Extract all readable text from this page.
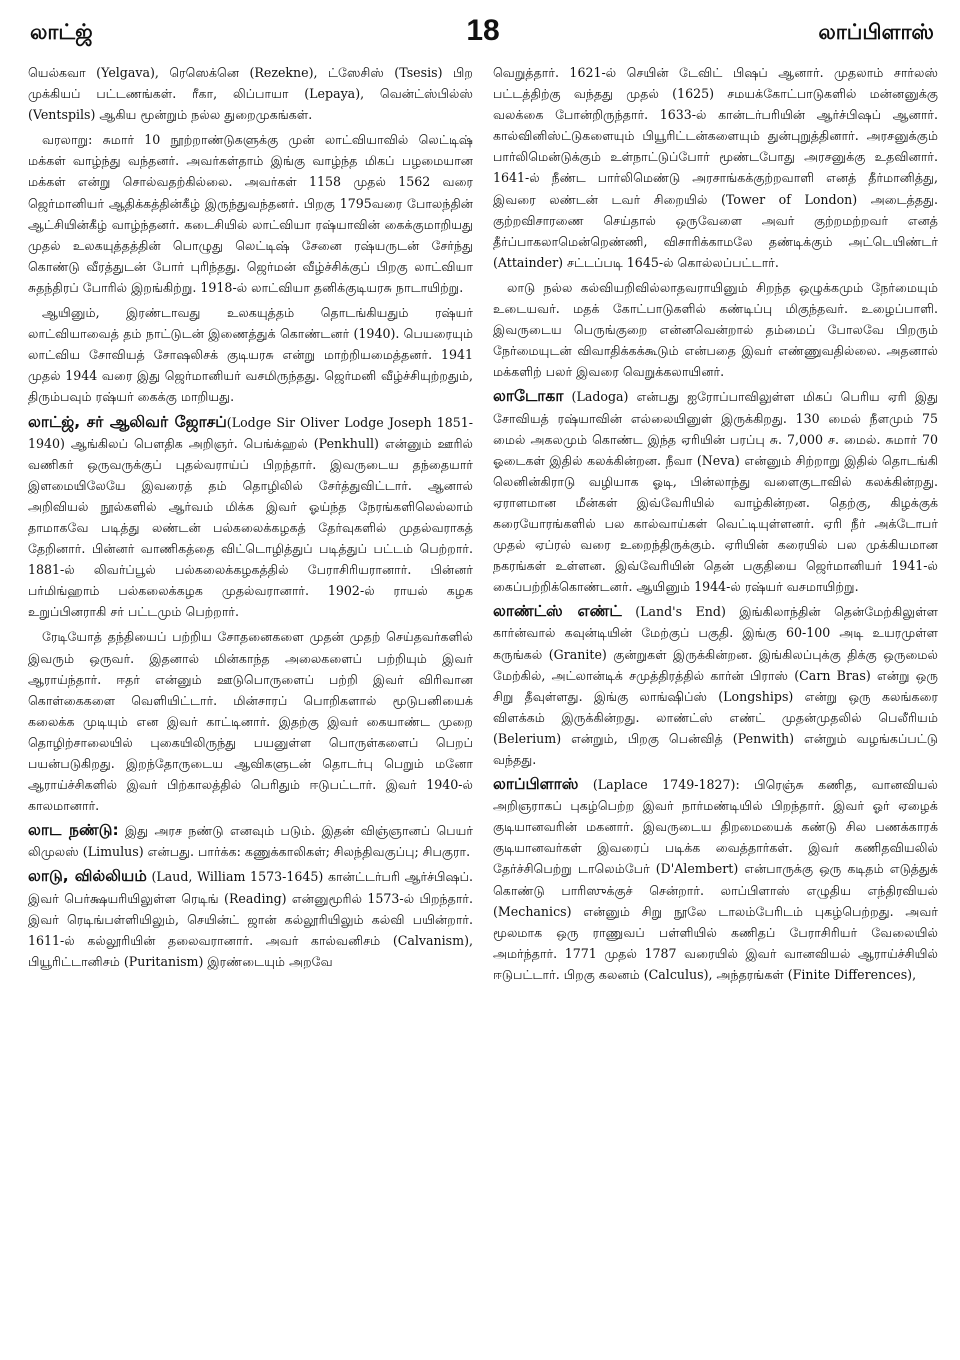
லாட்ஜ்	18	லாப்பிளாஸ்

யெல்கவா (Yelgava), ரெஸெக்னெ (Rezekne), ட்ஸேசிஸ் (Tsesis) பிற முக்கியப் பட்டணங்கள். ரீகா, லிப்பாயா (Lepaya), வென்ட்ஸ்பில்ஸ் (Ventspils) ஆகிய மூன்றும் நல்ல துறைமுகங்கள்.

வரலாறு: சுமார் 10 நூற்றாண்டுகளுக்கு முன் லாட்வியாவில் லெட்டிஷ் மக்கள் வாழ்ந்து வந்தனர். அவர்கள்தாம் இங்கு வாழ்ந்த மிகப் பழமையான மக்கள் என்று சொல்வதற்கில்லை. அவர்கள் 1158 முதல் 1562 வரை ஜெர்மானியர் ஆதிக்கத்தின்கீழ் இருந்துவந்தனர். பிறகு 1795வரை போலந்தின் ஆட்சியின்கீழ் வாழ்ந்தனர். கடைசியில் லாட்வியா ரஷ்யாவின் கைக்குமாறியது முதல் உலகயுத்தத்தின் பொழுது லெட்டிஷ் சேனை ரஷ்யருடன் சேர்ந்து கொண்டு வீரத்துடன் போர் புரிந்தது. ஜெர்மன் வீழ்ச்சிக்குப் பிறகு லாட்வியா சுதந்திரப் போரில் இறங்கிற்று. 1918-ல் லாட்வியா தனிக்குடியரசு நாடாயிற்று.

ஆயினும், இரண்டாவது உலகயுத்தம் தொடங்கியதும் ரஷ்யர் லாட்வியாவைத் தம் நாட்டுடன் இணைத்துக் கொண்டனர் (1940). பெயரையும் லாட்விய சோவியத் சோஷலிசக் குடியரசு என்று மாற்றியமைத்தனர். 1941 முதல் 1944 வரை இது ஜெர்மானியர் வசமிருந்தது. ஜெர்மனி வீழ்ச்சியுற்றதும், திரும்பவும் ரஷ்யர் கைக்கு மாறியது.

லாட்ஜ், சர் ஆலிவர் ஜோசப்(Lodge Sir Oliver Lodge Joseph 1851-1940) ஆங்கிலப் பௌதிக அறிஞர். பெங்க்ஹல் (Penkhull) என்னும் ஊரில் வணிகர் ஒருவருக்குப் புதல்வராய்ப் பிறந்தார். இவருடைய தந்தையார் இளமையிலேயே இவரைத் தம் தொழிலில் சேர்த்துவிட்டார். ஆனால் அறிவியல் நூல்களில் ஆர்வம் மிக்க இவர் ஓய்ந்த நேரங்களிலெல்லாம் தாமாகவே படித்து லண்டன் பல்கலைக்கழகத் தேர்வுகளில் முதல்வராகத் தேறினார். பின்னர் வாணிகத்தை விட்டொழித்துப் படித்துப் பட்டம் பெற்றார். 1881-ல் லிவர்ப்பூல் பல்கலைக்கழகத்தில் பேராசிரியரானார். பின்னர் பர்மிங்ஹாம் பல்கலைக்கழக முதல்வரானார். 1902-ல் ராயல் கழக உறுப்பினராகி சர் பட்டமும் பெற்றார்.

ரேடியோத் தந்தியைப் பற்றிய சோதனைகளை முதன் முதற் செய்தவர்களில் இவரும் ஒருவர். இதனால் மின்காந்த அலைகளைப் பற்றியும் இவர் ஆராய்ந்தார். ஈதர் என்னும் ஊடுபொருளைப் பற்றி இவர் விரிவான கொள்கைகளை வெளியிட்டார். மின்சாரப் பொறிகளால் மூடுபனியைக் கலைக்க முடியும் என இவர் காட்டினார். இதற்கு இவர் கையாண்ட முறை தொழிற்சாலையில் புகையிலிருந்து பயனுள்ள பொருள்களைப் பெறப் பயன்படுகிறது. இறந்தோருடைய ஆவிகளுடன் தொடர்பு பெறும் மனோ ஆராய்ச்சிகளில் இவர் பிற்காலத்தில் பெரிதும் ஈடுபட்டார். இவர் 1940-ல் காலமானார்.

லாட நண்டு: இது அரச நண்டு எனவும் படும். இதன் விஞ்ஞானப் பெயர் லிமுலஸ் (Limulus) என்பது. பார்க்க: கணுக்காலிகள்; சிலந்திவகுப்பு; சிபகுரா.

லாடு, வில்லியம் (Laud, William 1573-1645) கான்ட்டர்பரி ஆர்ச்பிஷப். இவர் பெர்க்ஷயரியிலுள்ள ரெடிங் (Reading) என்னுமூரில் 1573-ல் பிறந்தார். இவர் ரெடிங்பள்ளியிலும், செயின்ட் ஜான் கல்லூரியிலும் கல்வி பயின்றார். 1611-ல் கல்லூரியின் தலைவரானார். அவர் கால்வனிசம் (Calvanism), பியூரிட்டானிசம் (Puritanism) இரண்டையும் அறவே

வெறுத்தார். 1621-ல் செயின் டேவிட் பிஷப் ஆனார். முதலாம் சார்லஸ் பட்டத்திற்கு வந்தது முதல் (1625) சமயக்கோட்பாடுகளில் மன்னனுக்கு வலக்கை போன்றிருந்தார். 1633-ல் கான்டர்பரியின் ஆர்ச்பிஷப் ஆனார். கால்வினிஸ்ட்டுகளையும் பியூரிட்டன்களையும் துன்புறுத்தினார். அரசனுக்கும் பார்லிமென்டுக்கும் உள்நாட்டுப்போர் மூண்டபோது அரசனுக்கு உதவினார். 1641-ல் நீண்ட பார்லிமெண்டு அரசாங்கக்குற்றவாளி எனத் தீர்மானித்து, இவரை லண்டன் டவர் சிறையில் (Tower of London) அடைத்தது. குற்றவிசாரணை செய்தால் ஒருவேளை அவர் குற்றமற்றவர் எனத் தீர்ப்பாகலாமென்றெண்ணி, விசாரிக்காமலே தண்டிக்கும் அட்டெயிண்டர் (Attainder) சட்டப்படி 1645-ல் கொல்லப்பட்டார்.

லாடு நல்ல கல்வியறிவில்லாதவராயினும் சிறந்த ஒழுக்கமும் நேர்மையும் உடையவர். மதக் கோட்பாடுகளில் கண்டிப்பு மிகுந்தவர். உழைப்பாளி. இவருடைய பெருங்குறை என்னவென்றால் தம்மைப் போலவே பிறரும் நேர்மையுடன் விவாதிக்கக்கூடும் என்பதை இவர் எண்ணுவதில்லை. அதனால் மக்களிற் பலர் இவரை வெறுக்கலாயினர்.

லாடோகா (Ladoga) என்பது ஐரோப்பாவிலுள்ள மிகப் பெரிய ஏரி இது சோவியத் ரஷ்யாவின் எல்லையினுள் இருக்கிறது. 130 மைல் நீளமும் 75 மைல் அகலமும் கொண்ட இந்த ஏரியின் பரப்பு சு. 7,000 ச. மைல். சுமார் 70 ஓடைகள் இதில் கலக்கின்றன. நீவா (Neva) என்னும் சிற்றாறு இதில் தொடங்கி லெனின்கிராடு வழியாக ஓடி, பின்லாந்து வளைகுடாவில் கலக்கின்றது. ஏராளமான மீன்கள் இவ்வேரியில் வாழ்கின்றன. தெற்கு, கிழக்குக் கரையோரங்களில் பல கால்வாய்கள் வெட்டியுள்ளனர். ஏரி நீர் அக்டோபர் முதல் ஏப்ரல் வரை உறைந்திருக்கும். ஏரியின் கரையில் பல முக்கியமான நகரங்கள் உள்ளன. இவ்வேரியின் தென் பகுதியை ஜெர்மானியர் 1941-ல் கைப்பற்றிக்கொண்டனர். ஆயினும் 1944-ல் ரஷ்யர் வசமாயிற்று.

லாண்ட்ஸ் எண்ட் (Land's End) இங்கிலாந்தின் தென்மேற்கிலுள்ள கார்ன்வால் கவுன்டியின் மேற்குப் பகுதி. இங்கு 60-100 அடி உயரமுள்ள கருங்கல் (Granite) குன்றுகள் இருக்கின்றன. இங்கிலப்புக்கு திக்கு ஒருமைல் மேற்கில், அட்லான்டிக் சமுத்திரத்தில் கார்ன் பிராஸ் (Carn Bras) என்று ஒரு சிறு தீவுள்ளது. இங்கு லாங்ஷிப்ஸ் (Longships) என்று ஒரு கலங்கரை விளக்கம் இருக்கின்றது. லாண்ட்ஸ் எண்ட் முதன்முதலில் பெலீரியம் (Belerium) என்றும், பிறகு பென்வித் (Penwith) என்றும் வழங்கப்பட்டு வந்தது.

லாப்பிளாஸ் (Laplace 1749-1827): பிரெஞ்சு கணித, வானவியல் அறிஞராகப் புகழ்பெற்ற இவர் நார்மண்டியில் பிறந்தார். இவர் ஓர் ஏழைக் குடியானவரின் மகனார். இவருடைய திறமையைக் கண்டு சில பணக்காரக் குடியானவர்கள் இவரைப் படிக்க வைத்தார்கள். இவர் கணிதவியலில் தேர்ச்சிபெற்று டாலெம்பேர் (D'Alembert) என்பாருக்கு ஒரு கடிதம் எடுத்துக் கொண்டு பாரிஸுக்குச் சென்றார். லாப்பிளாஸ் எழுதிய எந்திரவியல் (Mechanics) என்னும் சிறு நூலே டாலம்பேரிடம் புகழ்பெற்றது. அவர் மூலமாக ஒரு ராணுவப் பள்ளியில் கணிதப் பேராசிரியர் வேலையில் அமர்ந்தார். 1771 முதல் 1787 வரையில் இவர் வானவியல் ஆராய்ச்சியில் ஈடுபட்டார். பிறகு கலனம் (Calculus), அந்தரங்கள் (Finite Differences),
